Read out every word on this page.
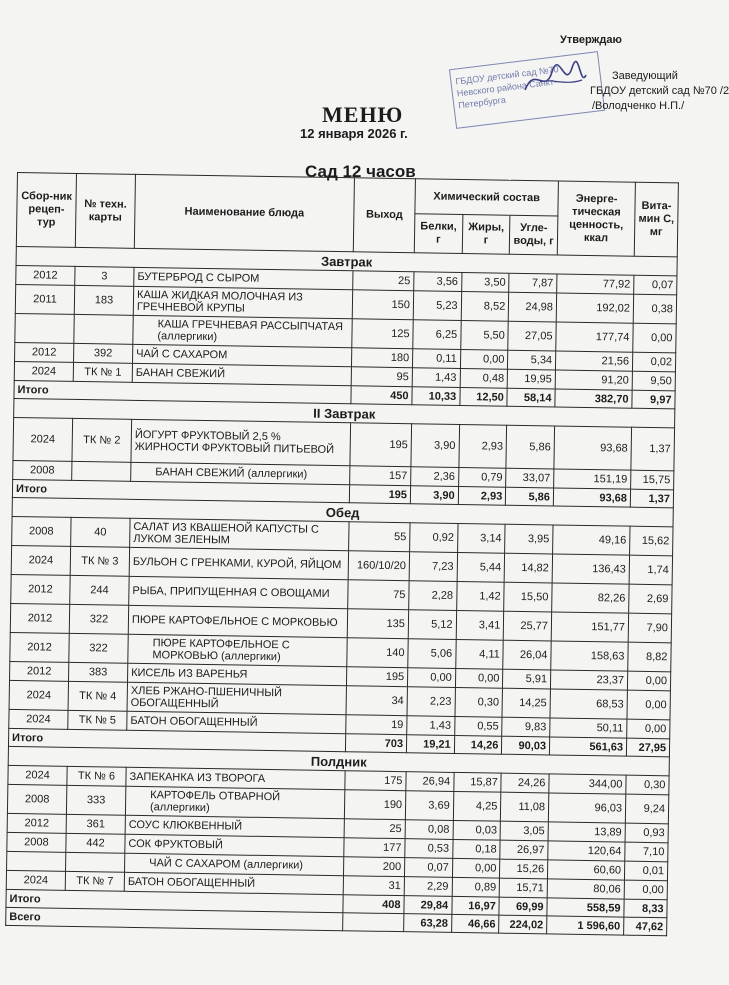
Утверждаю
ГБДОУ детский сад №70 Невского района Санкт-Петербурга
Заведующий
ГБДОУ детский сад №70 /2
/Володченко Н.П./
МЕНЮ
12 января 2026 г.
Сад 12 часов
Сбор-ник рецеп-тур	№ техн. карты	Наименование блюда	Выход	Химический состав			Энерге-тическая ценность, ккал	Вита-мин С, мг
				Белки, г	Жиры, г	Угле-воды, г		
Завтрак								
2012	3	БУТЕРБРОД С СЫРОМ	25	3,56	3,50	7,87	77,92	0,07
2011	183	КАША ЖИДКАЯ МОЛОЧНАЯ ИЗ ГРЕЧНЕВОЙ КРУПЫ	150	5,23	8,52	24,98	192,02	0,38
		КАША ГРЕЧНЕВАЯ РАССЫПЧАТАЯ (аллергики)	125	6,25	5,50	27,05	177,74	0,00
2012	392	ЧАЙ С САХАРОМ	180	0,11	0,00	5,34	21,56	0,02
2024	ТК № 1	БАНАН СВЕЖИЙ	95	1,43	0,48	19,95	91,20	9,50
Итого			450	10,33	12,50	58,14	382,70	9,97
II Завтрак								
2024	ТК № 2	ЙОГУРТ ФРУКТОВЫЙ 2,5 % ЖИРНОСТИ ФРУКТОВЫЙ ПИТЬЕВОЙ	195	3,90	2,93	5,86	93,68	1,37
2008		БАНАН СВЕЖИЙ (аллергики)	157	2,36	0,79	33,07	151,19	15,75
Итого			195	3,90	2,93	5,86	93,68	1,37
Обед								
2008	40	САЛАТ ИЗ КВАШЕНОЙ КАПУСТЫ С ЛУКОМ ЗЕЛЕНЫМ	55	0,92	3,14	3,95	49,16	15,62
2024	ТК № 3	БУЛЬОН С ГРЕНКАМИ, КУРОЙ, ЯЙЦОМ	160/10/20	7,23	5,44	14,82	136,43	1,74
2012	244	РЫБА, ПРИПУЩЕННАЯ С ОВОЩАМИ	75	2,28	1,42	15,50	82,26	2,69
2012	322	ПЮРЕ КАРТОФЕЛЬНОЕ С МОРКОВЬЮ	135	5,12	3,41	25,77	151,77	7,90
2012	322	ПЮРЕ КАРТОФЕЛЬНОЕ С МОРКОВЬЮ (аллергики)	140	5,06	4,11	26,04	158,63	8,82
2012	383	КИСЕЛЬ ИЗ ВАРЕНЬЯ	195	0,00	0,00	5,91	23,37	0,00
2024	ТК № 4	ХЛЕБ РЖАНО-ПШЕНИЧНЫЙ ОБОГАЩЕННЫЙ	34	2,23	0,30	14,25	68,53	0,00
2024	ТК № 5	БАТОН ОБОГАЩЕННЫЙ	19	1,43	0,55	9,83	50,11	0,00
Итого			703	19,21	14,26	90,03	561,63	27,95
Полдник								
2024	ТК № 6	ЗАПЕКАНКА ИЗ ТВОРОГА	175	26,94	15,87	24,26	344,00	0,30
2008	333	КАРТОФЕЛЬ ОТВАРНОЙ (аллергики)	190	3,69	4,25	11,08	96,03	9,24
2012	361	СОУС КЛЮКВЕННЫЙ	25	0,08	0,03	3,05	13,89	0,93
2008	442	СОК ФРУКТОВЫЙ	177	0,53	0,18	26,97	120,64	7,10
		ЧАЙ С САХАРОМ (аллергики)	200	0,07	0,00	15,26	60,60	0,01
2024	ТК № 7	БАТОН ОБОГАЩЕННЫЙ	31	2,29	0,89	15,71	80,06	0,00
Итого			408	29,84	16,97	69,99	558,59	8,33
Всего				63,28	46,66	224,02	1 596,60	47,62
